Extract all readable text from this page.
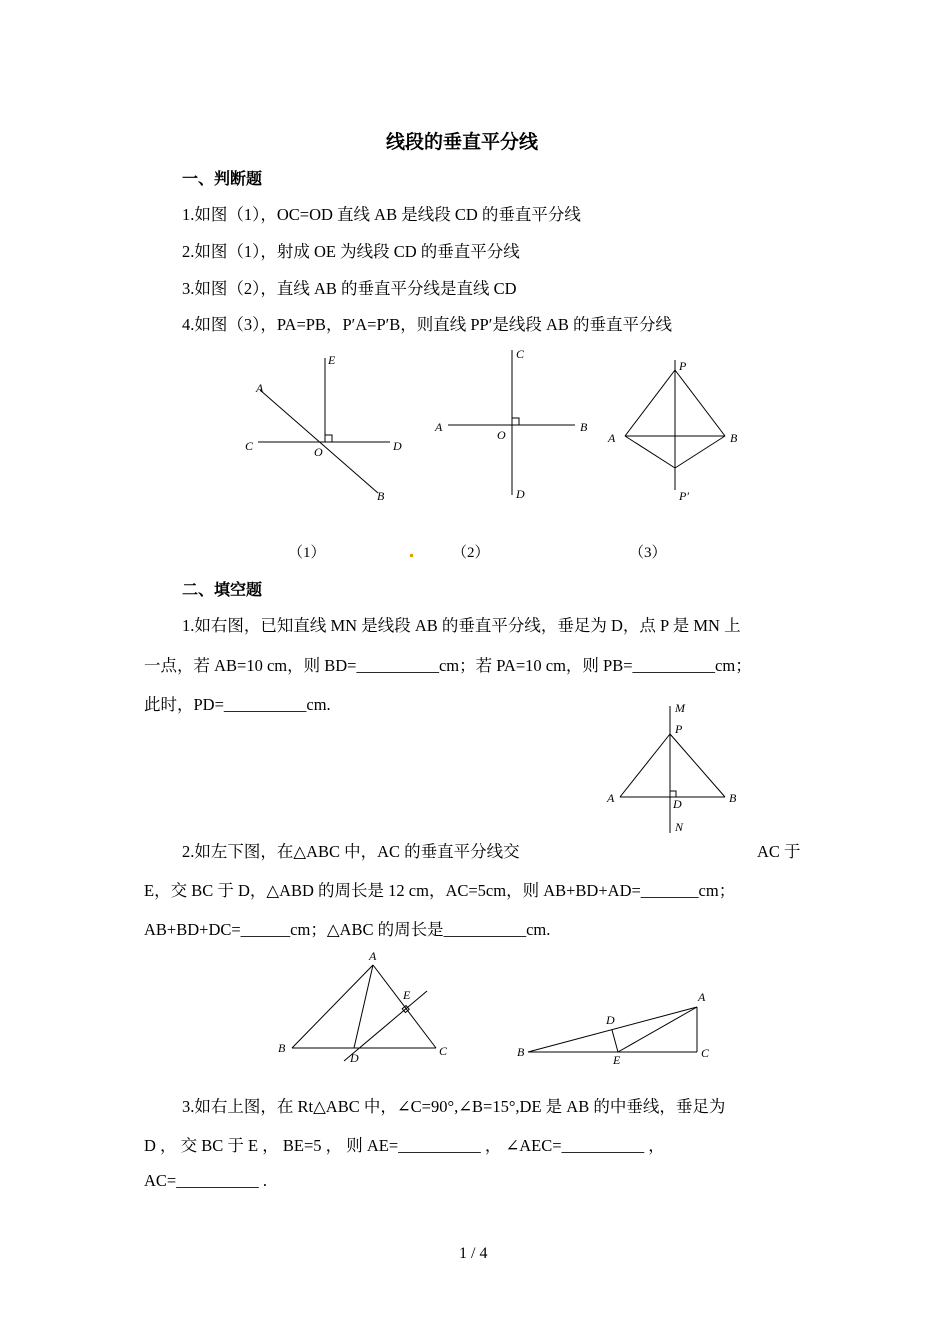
线段的垂直平分线
一、判断题
1.如图（1），OC=OD 直线 AB 是线段 CD 的垂直平分线
2.如图（1），射成 OE 为线段 CD 的垂直平分线
3.如图（2），直线 AB 的垂直平分线是直线 CD
4.如图（3），PA=PB，P′A=P′B，则直线 PP′是线段 AB 的垂直平分线
A
E
C	O	D
B
C
A
O
B
D
P
A	B
P′
（1）	（2）	（3）
二、填空题
1.如右图，已知直线 MN 是线段 AB 的垂直平分线，垂足为 D，点 P 是 MN 上
一点，若 AB=10 cm，则 BD=__________cm；若 PA=10 cm，则 PB=__________cm；
此时，PD=__________cm.	M
P
A	D	B
N
2.如左下图，在△ABC 中，AC 的垂直平分线交	AC 于
E，交 BC 于 D，△ABD 的周长是 12 cm，AC=5cm，则 AB+BD+AD=_______cm；
AB+BD+DC=______cm；△ABC 的周长是__________cm.
A
E
B
D	C
A
D
B
E	C
3.如右上图，在 Rt△ABC 中，∠C=90°,∠B=15°,DE 是 AB 的中垂线，垂足为
D ， 交 BC 于 E ， BE=5 ， 则 AE=__________ ， ∠AEC=__________ ，
AC=__________ .
1 / 4
